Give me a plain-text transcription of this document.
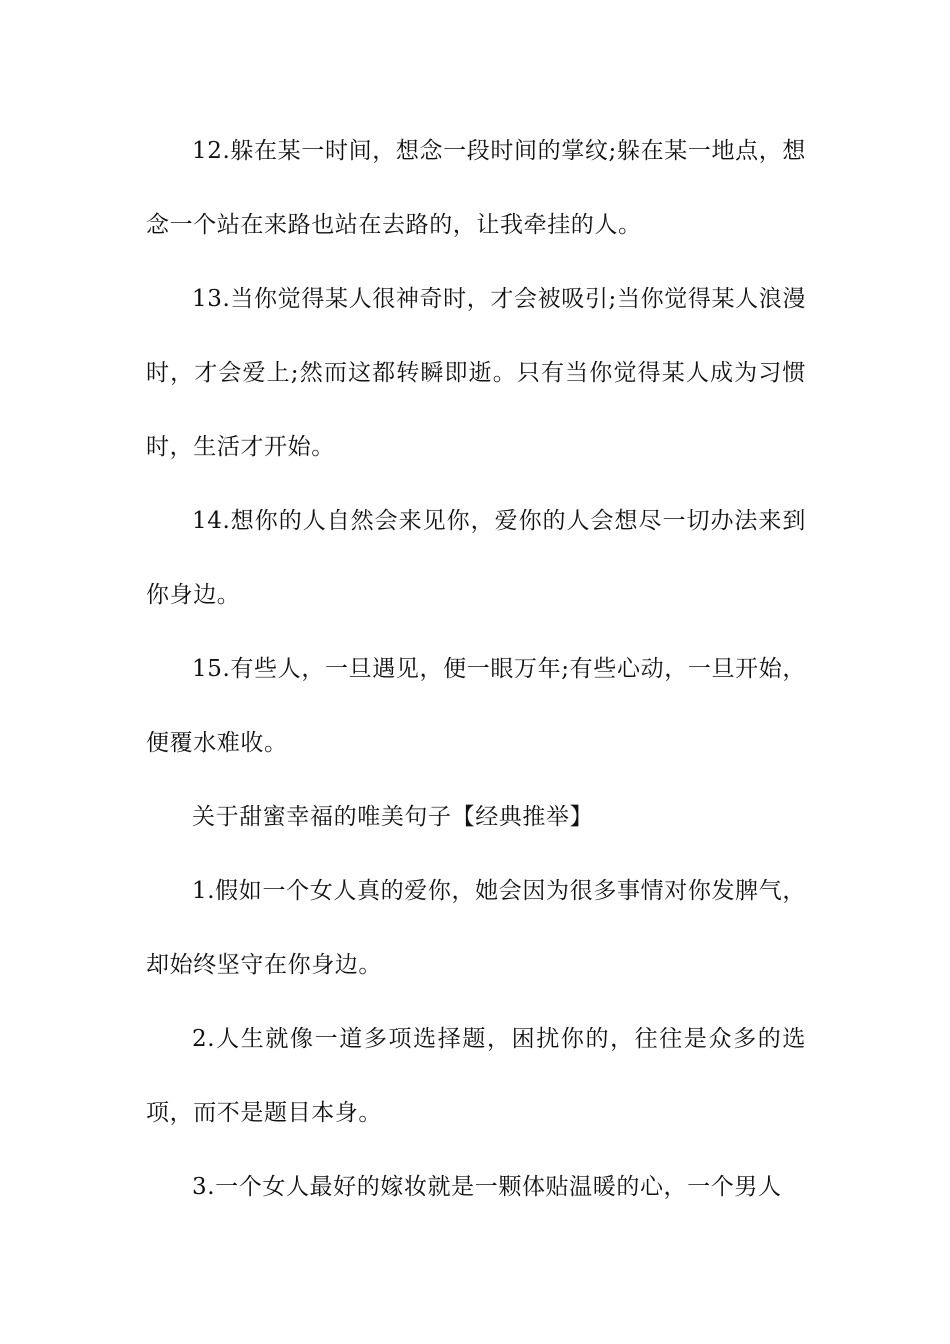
12.躲在某一时间，想念一段时间的掌纹;躲在某一地点，想念一个站在来路也站在去路的，让我牵挂的人。

13.当你觉得某人很神奇时，才会被吸引;当你觉得某人浪漫时，才会爱上;然而这都转瞬即逝。只有当你觉得某人成为习惯时，生活才开始。

14.想你的人自然会来见你，爱你的人会想尽一切办法来到你身边。

15.有些人，一旦遇见，便一眼万年;有些心动，一旦开始，便覆水难收。

关于甜蜜幸福的唯美句子【经典推举】

1.假如一个女人真的爱你，她会因为很多事情对你发脾气，却始终坚守在你身边。

2.人生就像一道多项选择题，困扰你的，往往是众多的选项，而不是题目本身。

3.一个女人最好的嫁妆就是一颗体贴温暖的心，一个男人
